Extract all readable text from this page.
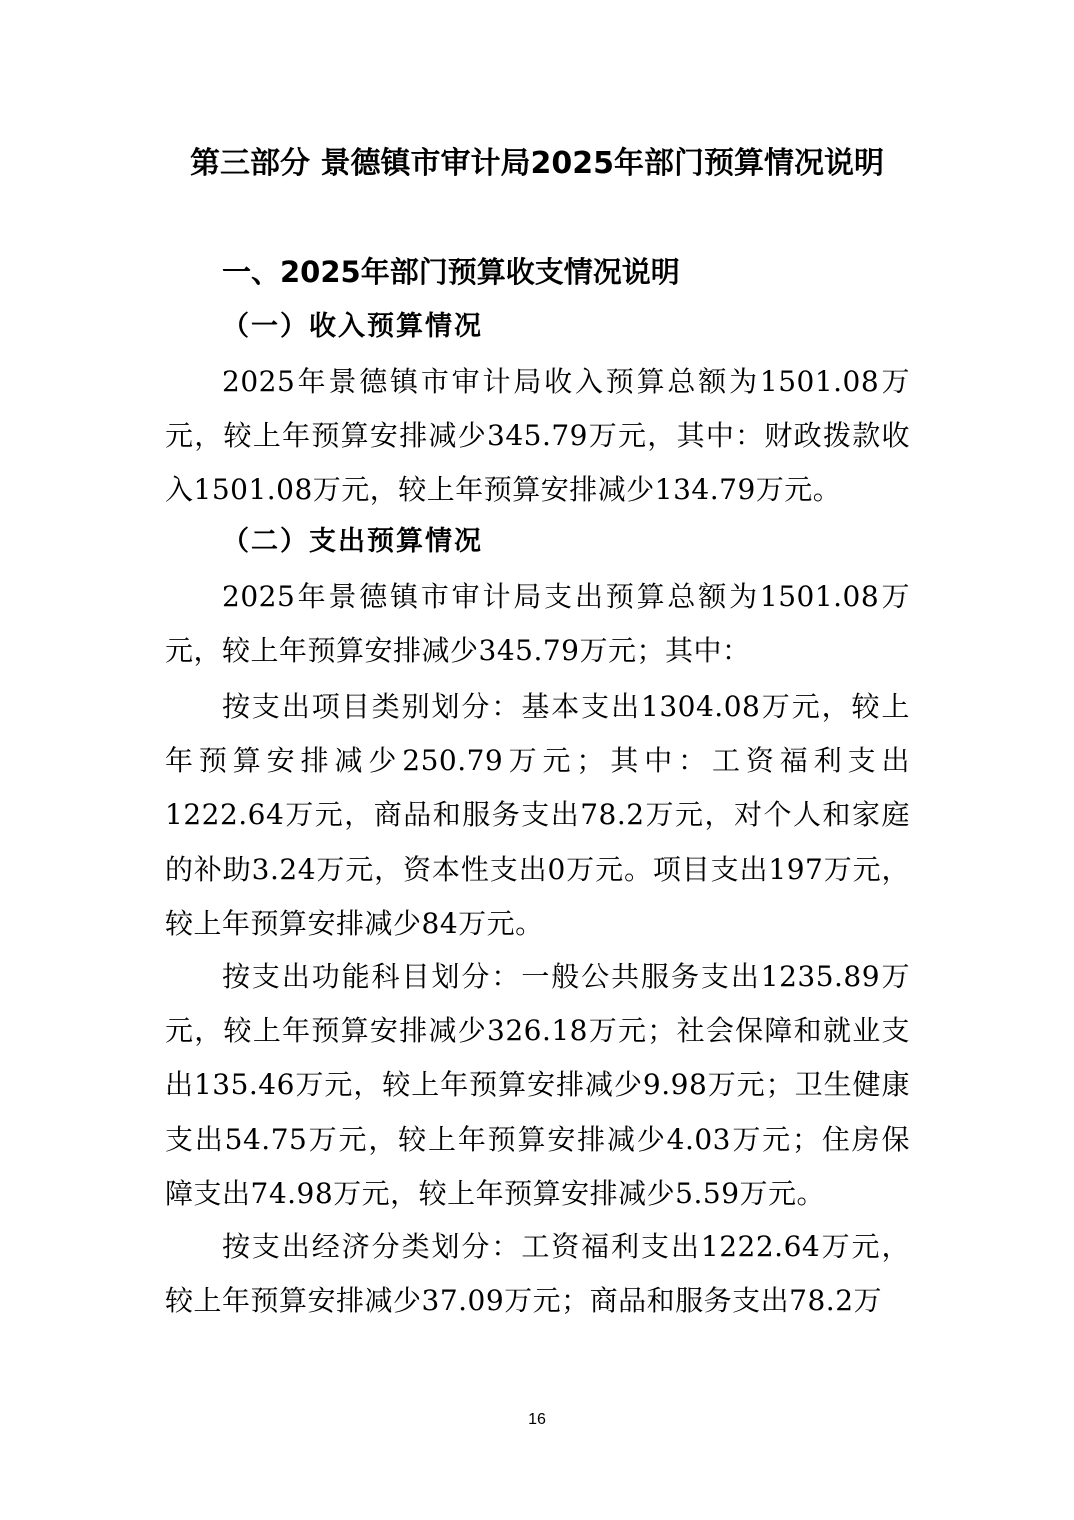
第三部分 景德镇市审计局2025年部门预算情况说明
一、2025年部门预算收支情况说明
（一）收入预算情况
2025年景德镇市审计局收入预算总额为1501.08万元，较上年预算安排减少345.79万元，其中：财政拨款收入1501.08万元，较上年预算安排减少134.79万元。
（二）支出预算情况
2025年景德镇市审计局支出预算总额为1501.08万元，较上年预算安排减少345.79万元；其中：
按支出项目类别划分：基本支出1304.08万元，较上年预算安排减少250.79万元；其中：工资福利支出1222.64万元，商品和服务支出78.2万元，对个人和家庭的补助3.24万元，资本性支出0万元。项目支出197万元，较上年预算安排减少84万元。
按支出功能科目划分：一般公共服务支出1235.89万元，较上年预算安排减少326.18万元；社会保障和就业支出135.46万元，较上年预算安排减少9.98万元；卫生健康支出54.75万元，较上年预算安排减少4.03万元；住房保障支出74.98万元，较上年预算安排减少5.59万元。
按支出经济分类划分：工资福利支出1222.64万元，较上年预算安排减少37.09万元；商品和服务支出78.2万
16
